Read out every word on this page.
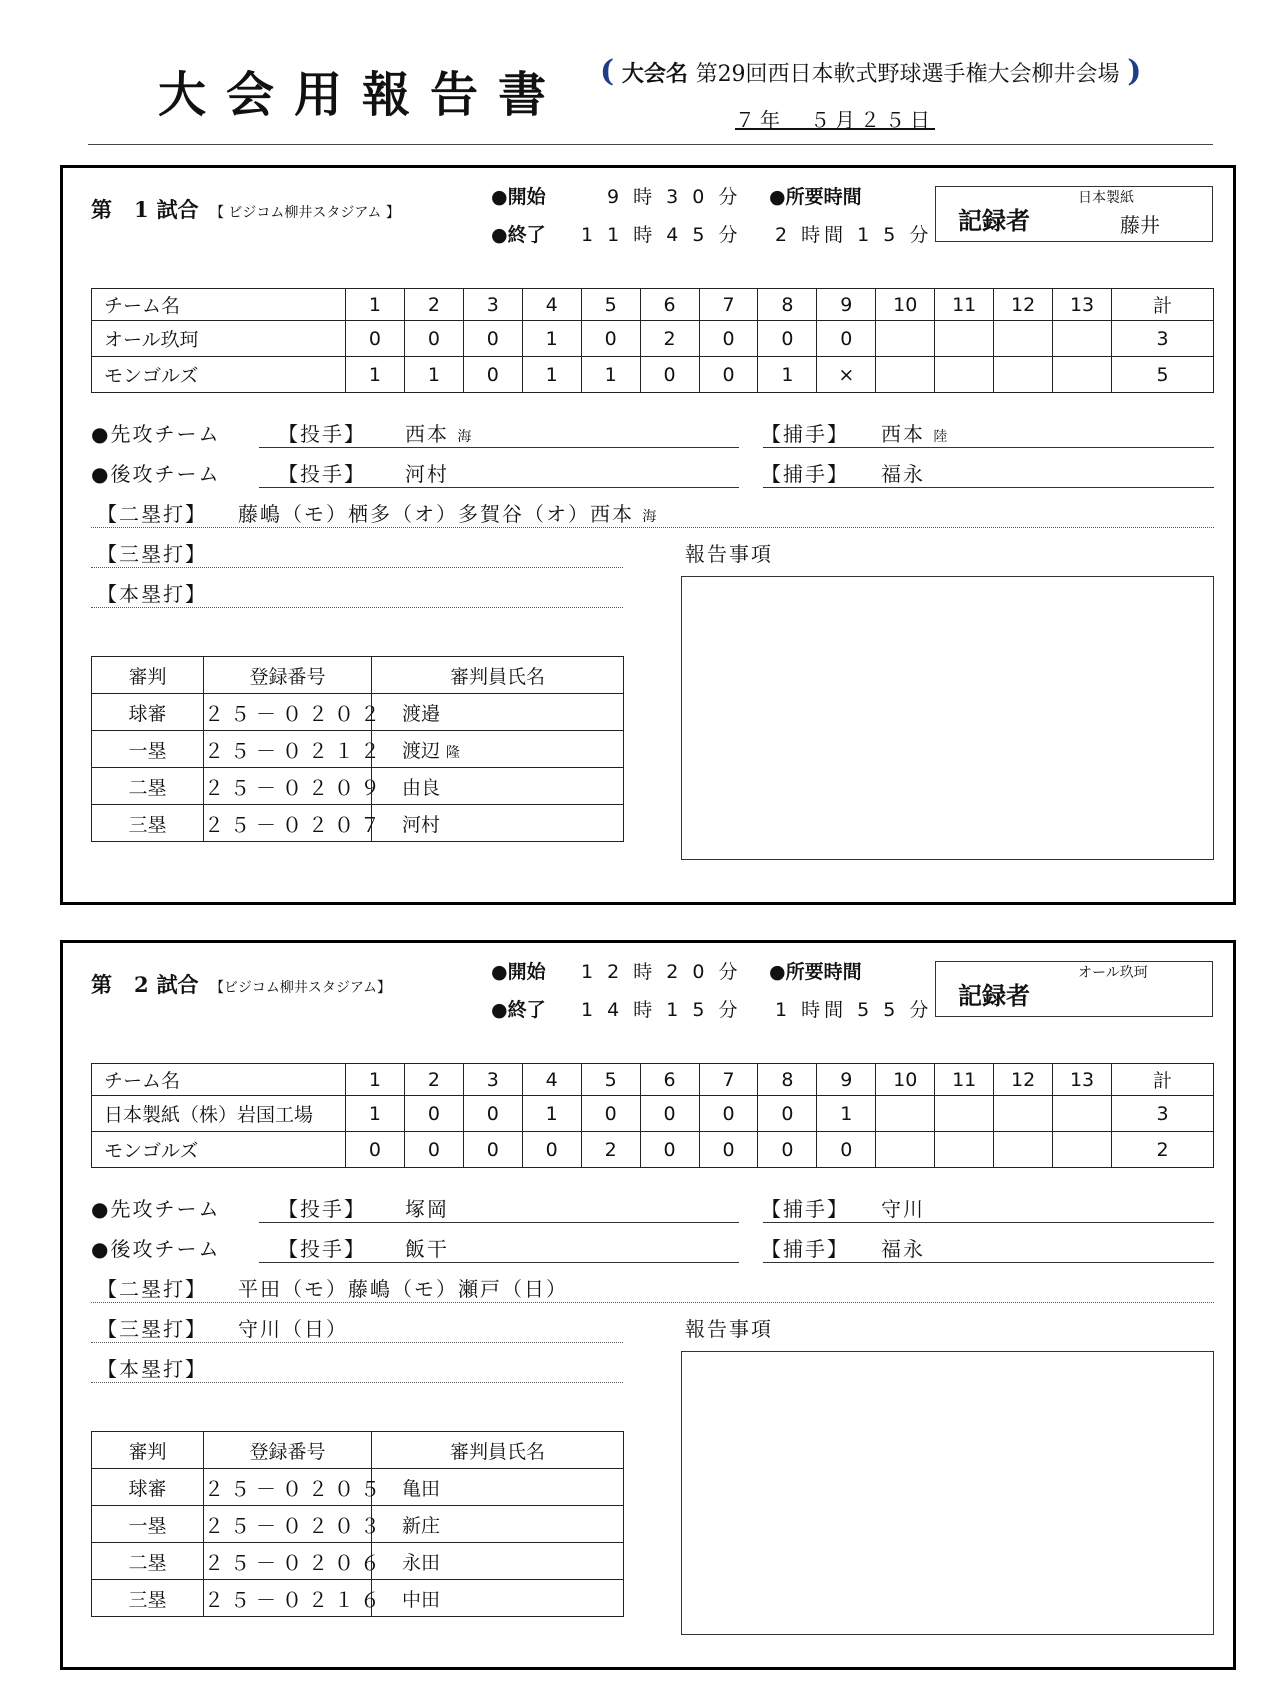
大会用報告書 ( 大会名 第29回西日本軟式野球選手権大会柳井会場 )
７年　５月２５日
第 1 試合 【 ビジコム柳井スタジアム 】
●開始	9 時 3 0 分
●終了 1 1 時 4 5 分
●所要時間
2 時間 1 5 分 記録者
日本製紙
藤井
チーム名	1	2	3	4	5	6	7	8	9	10	11	12	13	計
オール玖珂	0	0	0	1	0	2	0	0	0					3
モンゴルズ	1	1	0	1	1	0	0	1	×					5
●先攻チーム	【投手】 西本 海	【捕手】 西本 陸
●後攻チーム	【投手】 河村	【捕手】 福永
【二塁打】 藤嶋（モ）栖多（オ）多賀谷（オ）西本 海
【三塁打】
【本塁打】
報告事項
審判	登録番号	審判員氏名
球審	２５－０２０２	渡邉
一塁	２５－０２１２	渡辺 隆
二塁	２５－０２０９	由良
三塁	２５－０２０７	河村
第 2 試合 【ビジコム柳井スタジアム】
●開始 1 2 時 2 0 分
●終了 1 4 時 1 5 分
●所要時間
1 時間 5 5 分 記録者
オール玖珂
チーム名	1	2	3	4	5	6	7	8	9	10	11	12	13	計
日本製紙（株）岩国工場	1	0	0	1	0	0	0	0	1					3
モンゴルズ	0	0	0	0	2	0	0	0	0					2
●先攻チーム	【投手】 塚岡	【捕手】 守川
●後攻チーム	【投手】 飯干	【捕手】 福永
【二塁打】 平田（モ）藤嶋（モ）瀬戸（日）
【三塁打】 守川（日）
【本塁打】
報告事項
審判	登録番号	審判員氏名
球審	２５－０２０５	亀田
一塁	２５－０２０３	新庄
二塁	２５－０２０６	永田
三塁	２５－０２１６	中田
